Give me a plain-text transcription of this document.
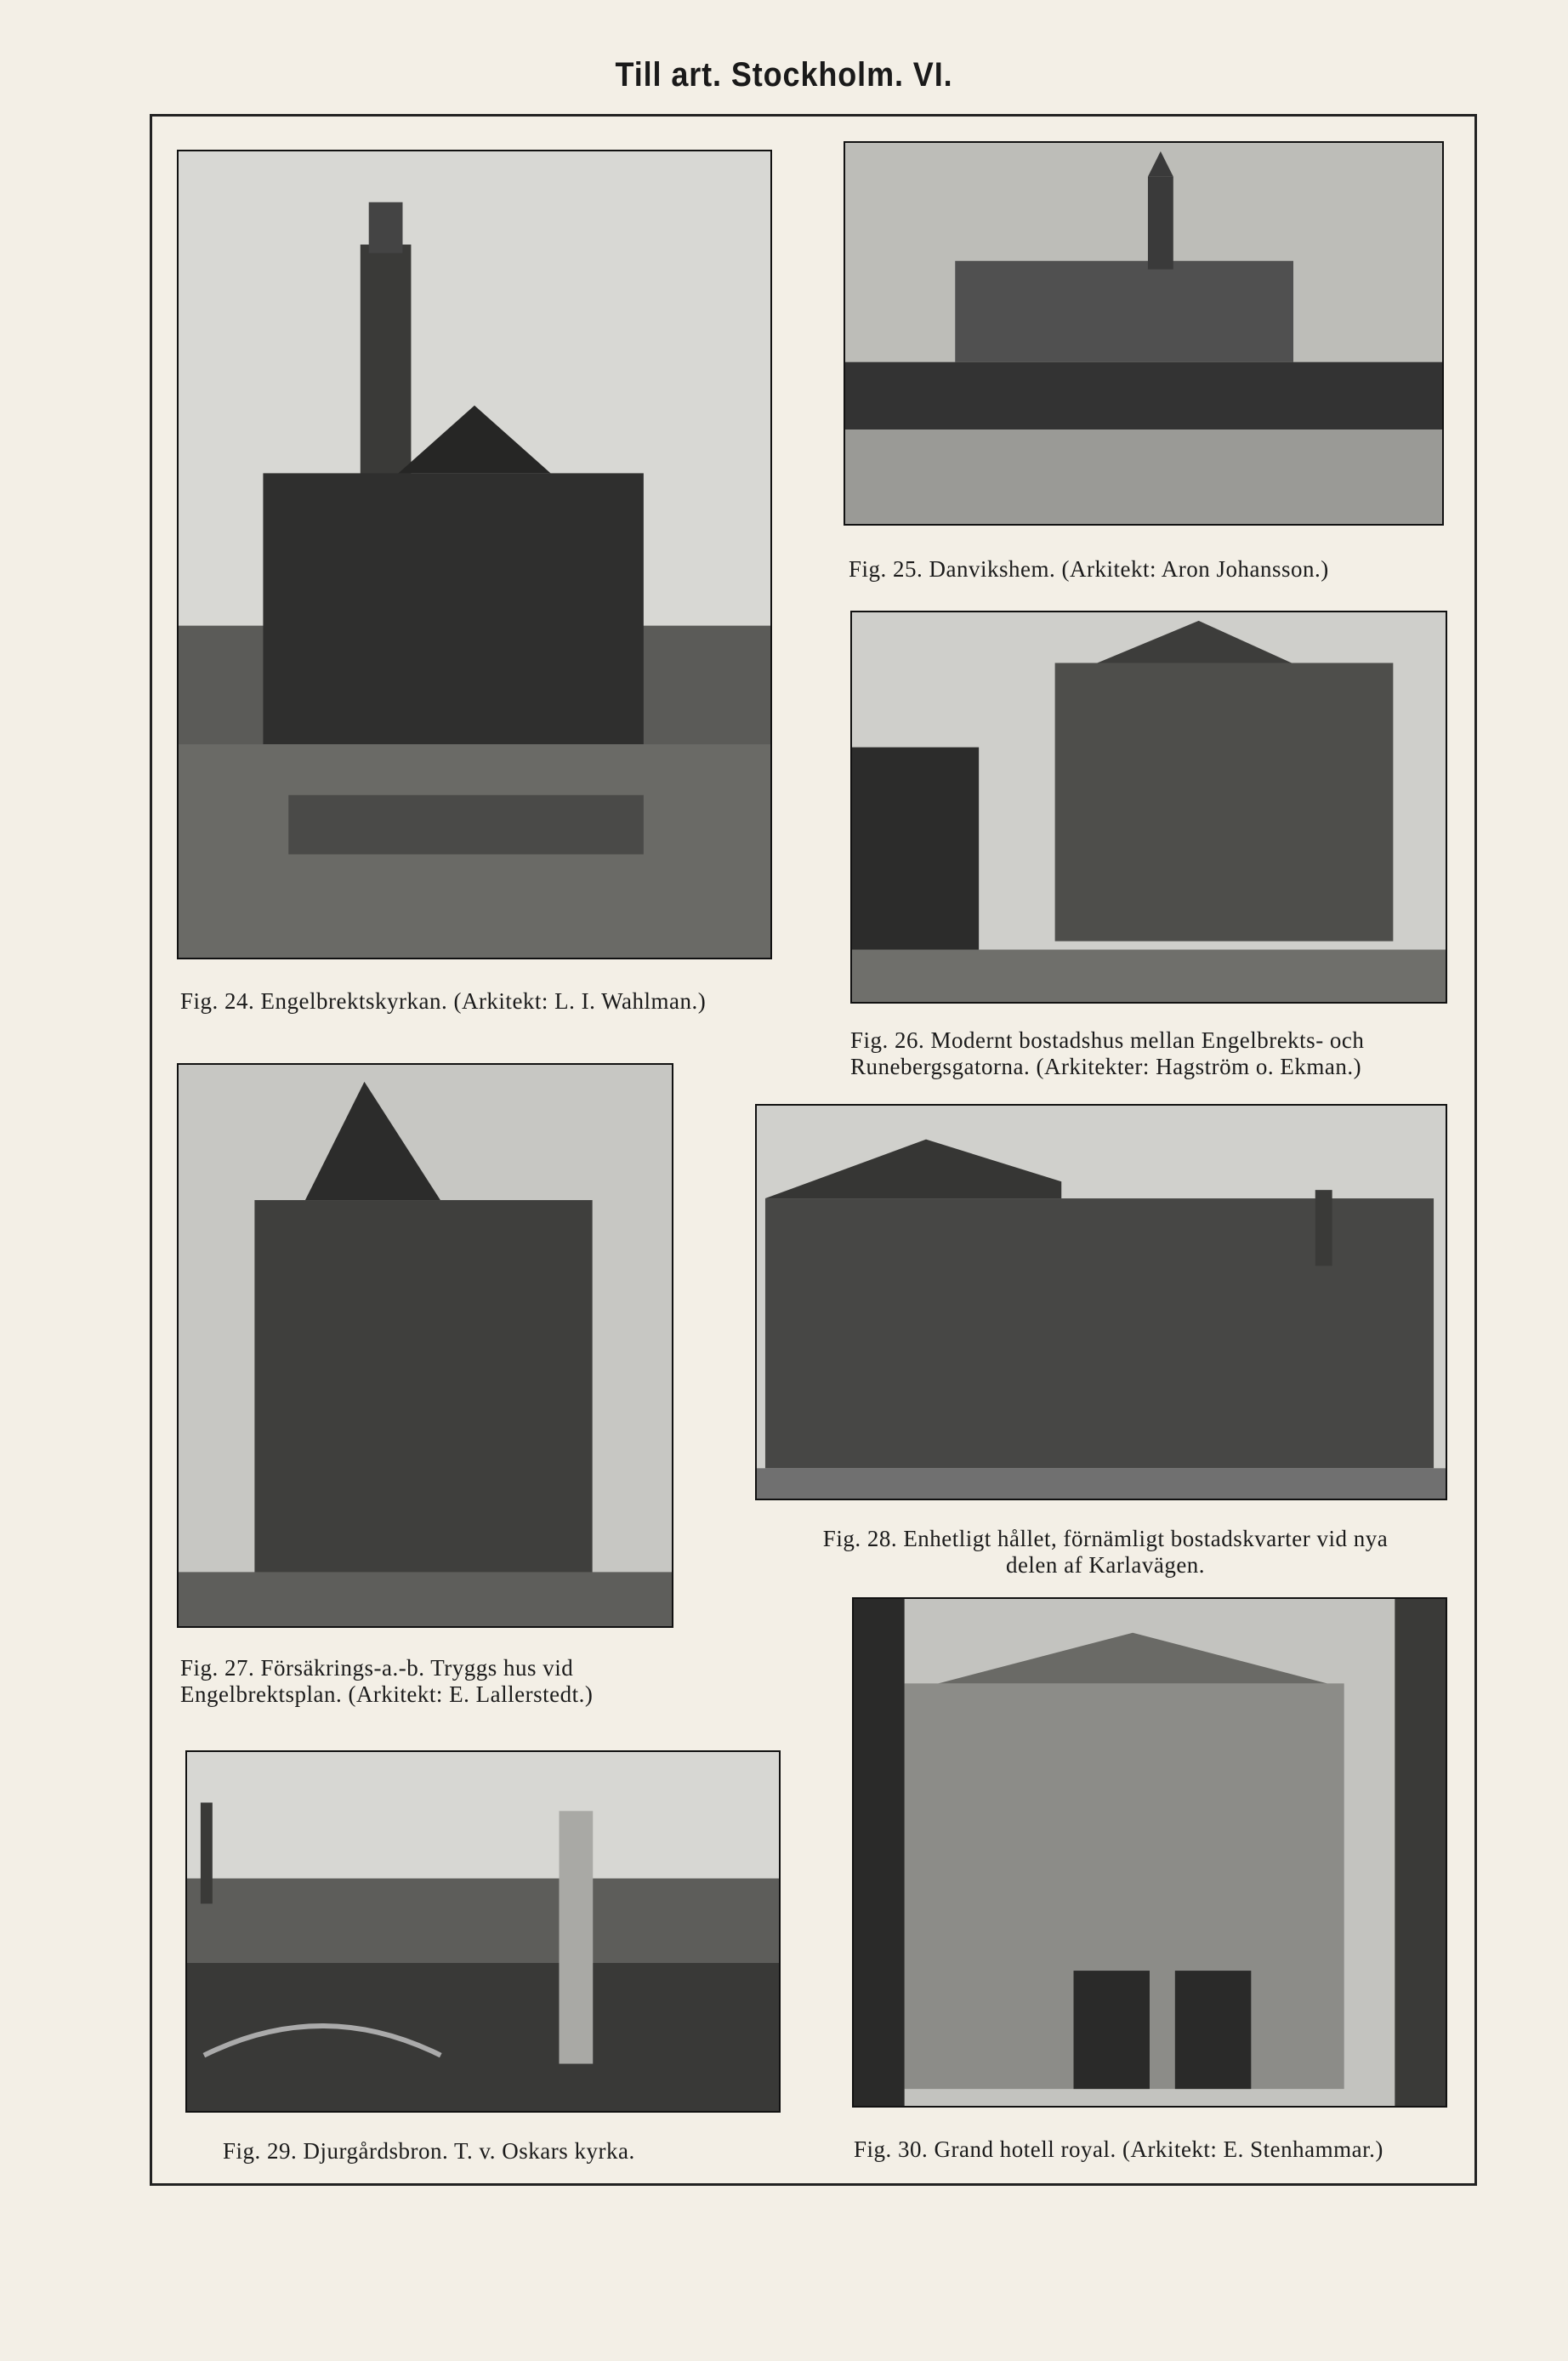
Till art. Stockholm. VI.
Fig. 24. Engelbrektskyrkan. (Arkitekt: L. I. Wahlman.)
Fig. 25. Danvikshem. (Arkitekt: Aron Johansson.)
Fig. 26. Modernt bostadshus mellan Engelbrekts- och
Runebergsgatorna. (Arkitekter: Hagström o. Ekman.)
Fig. 27. Försäkrings-a.-b. Tryggs hus vid
Engelbrektsplan. (Arkitekt: E. Lallerstedt.)
Fig. 28. Enhetligt hållet, förnämligt bostadskvarter vid nya
delen af Karlavägen.
Fig. 29. Djurgårdsbron. T. v. Oskars kyrka.	Fig. 30. Grand hotell royal. (Arkitekt: E. Stenhammar.)
